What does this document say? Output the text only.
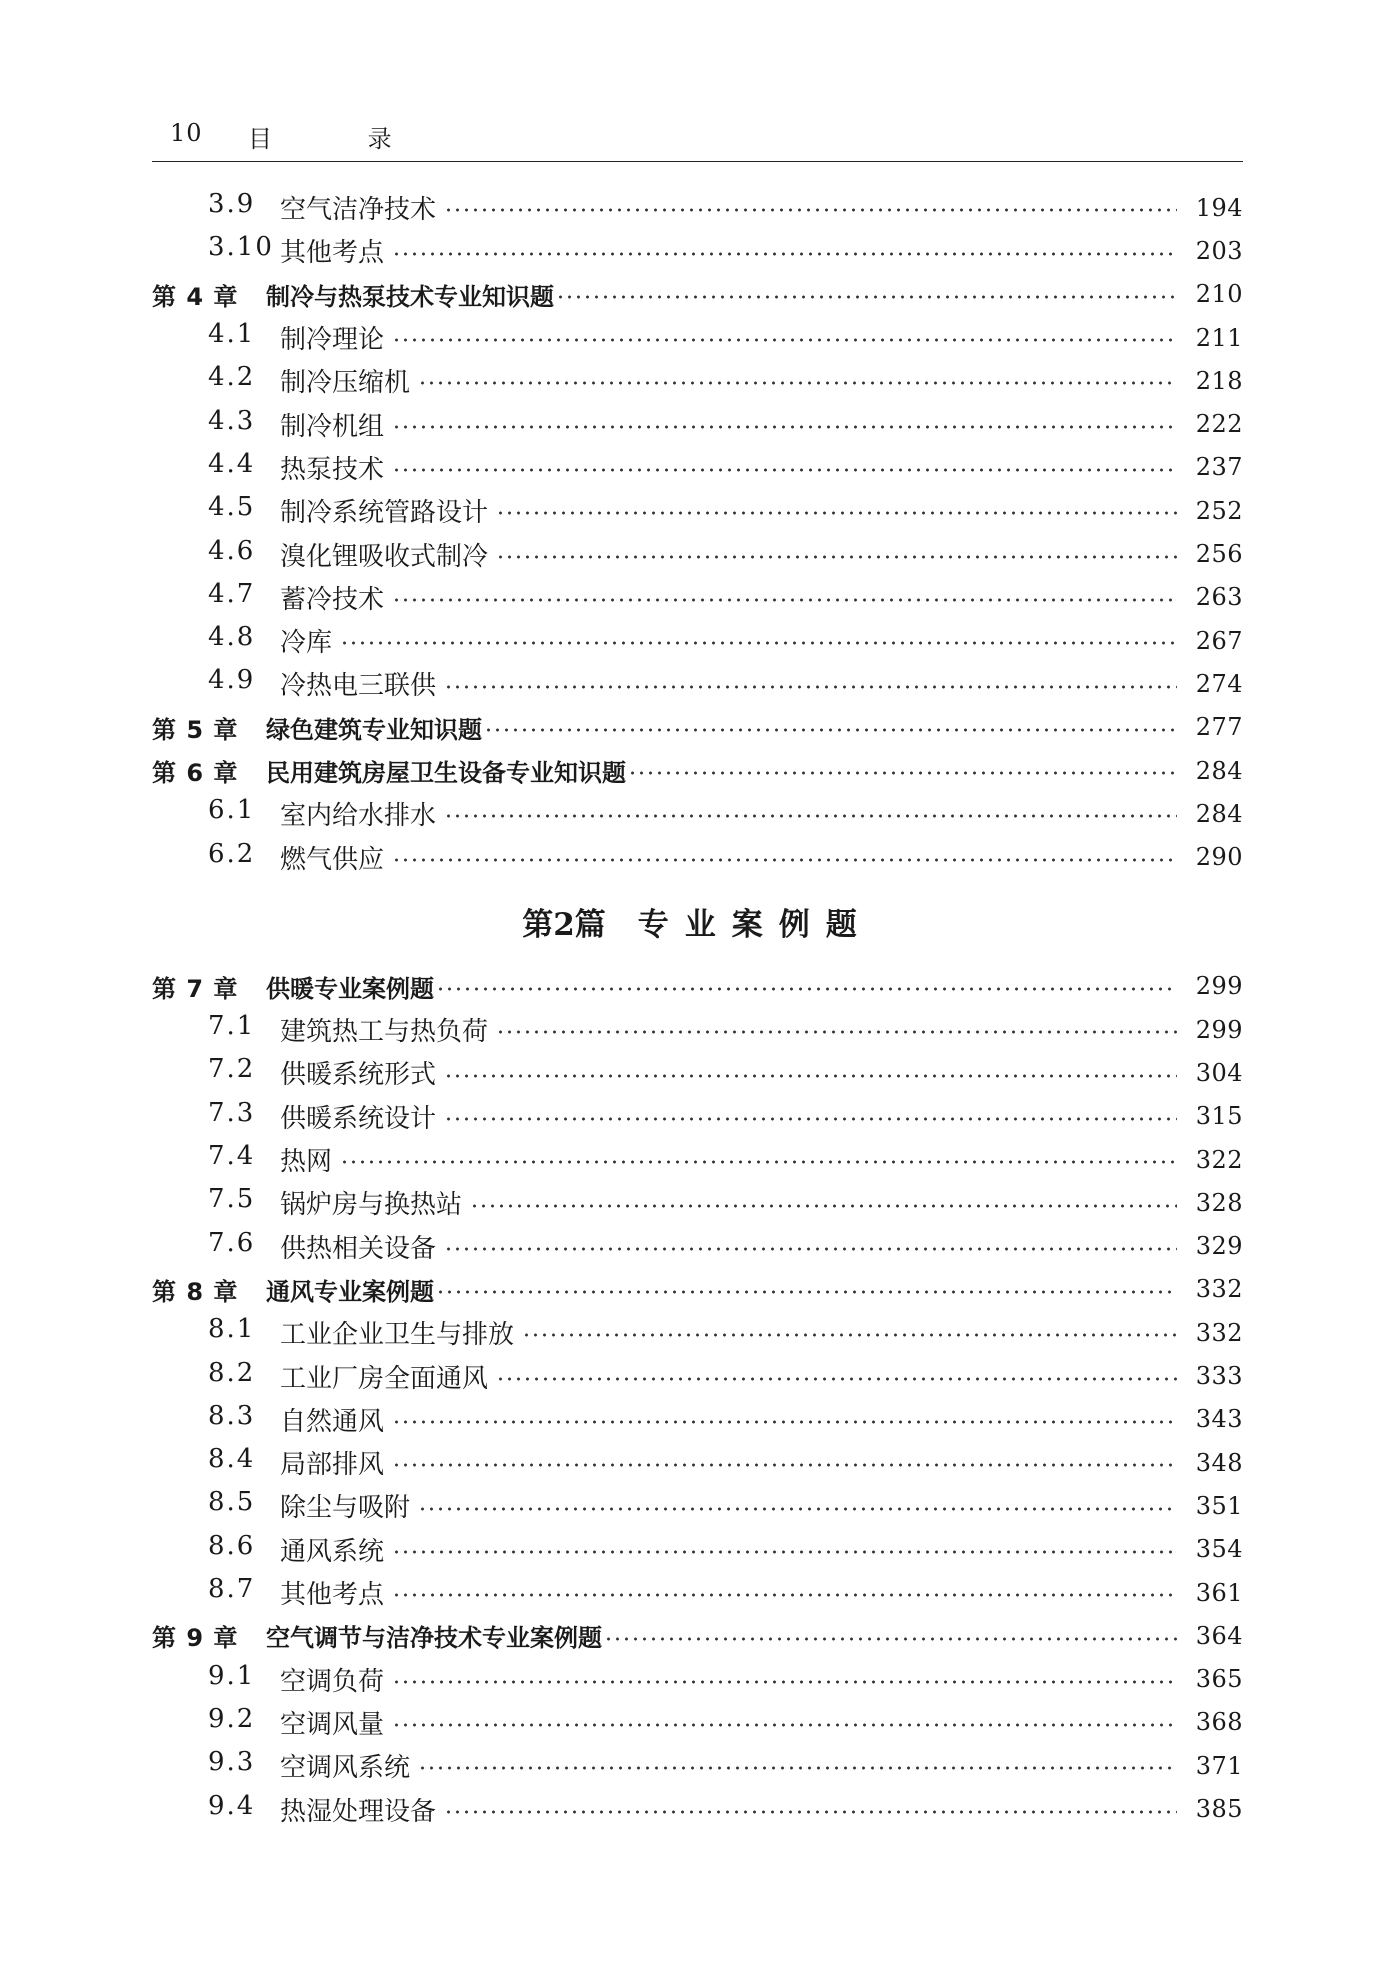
10 目 录
3.9 空气洁净技术	194
3.10 其他考点	203
第 4 章	制冷与热泵技术专业知识题	210
4.1 制冷理论	211
4.2 制冷压缩机	218
4.3 制冷机组	222
4.4 热泵技术	237
4.5 制冷系统管路设计	252
4.6 溴化锂吸收式制冷	256
4.7 蓄冷技术	263
4.8 冷库	267
4.9 冷热电三联供	274
第 5 章	绿色建筑专业知识题	277
第 6 章	民用建筑房屋卫生设备专业知识题	284
6.1 室内给水排水	284
6.2 燃气供应	290
第2篇 专业案例题
第 7 章	供暖专业案例题	299
7.1 建筑热工与热负荷	299
7.2 供暖系统形式	304
7.3 供暖系统设计	315
7.4 热网	322
7.5 锅炉房与换热站	328
7.6 供热相关设备	329
第 8 章	通风专业案例题	332
8.1 工业企业卫生与排放	332
8.2 工业厂房全面通风	333
8.3 自然通风	343
8.4 局部排风	348
8.5 除尘与吸附	351
8.6 通风系统	354
8.7 其他考点	361
第 9 章	空气调节与洁净技术专业案例题	364
9.1 空调负荷	365
9.2 空调风量	368
9.3 空调风系统	371
9.4 热湿处理设备	385
